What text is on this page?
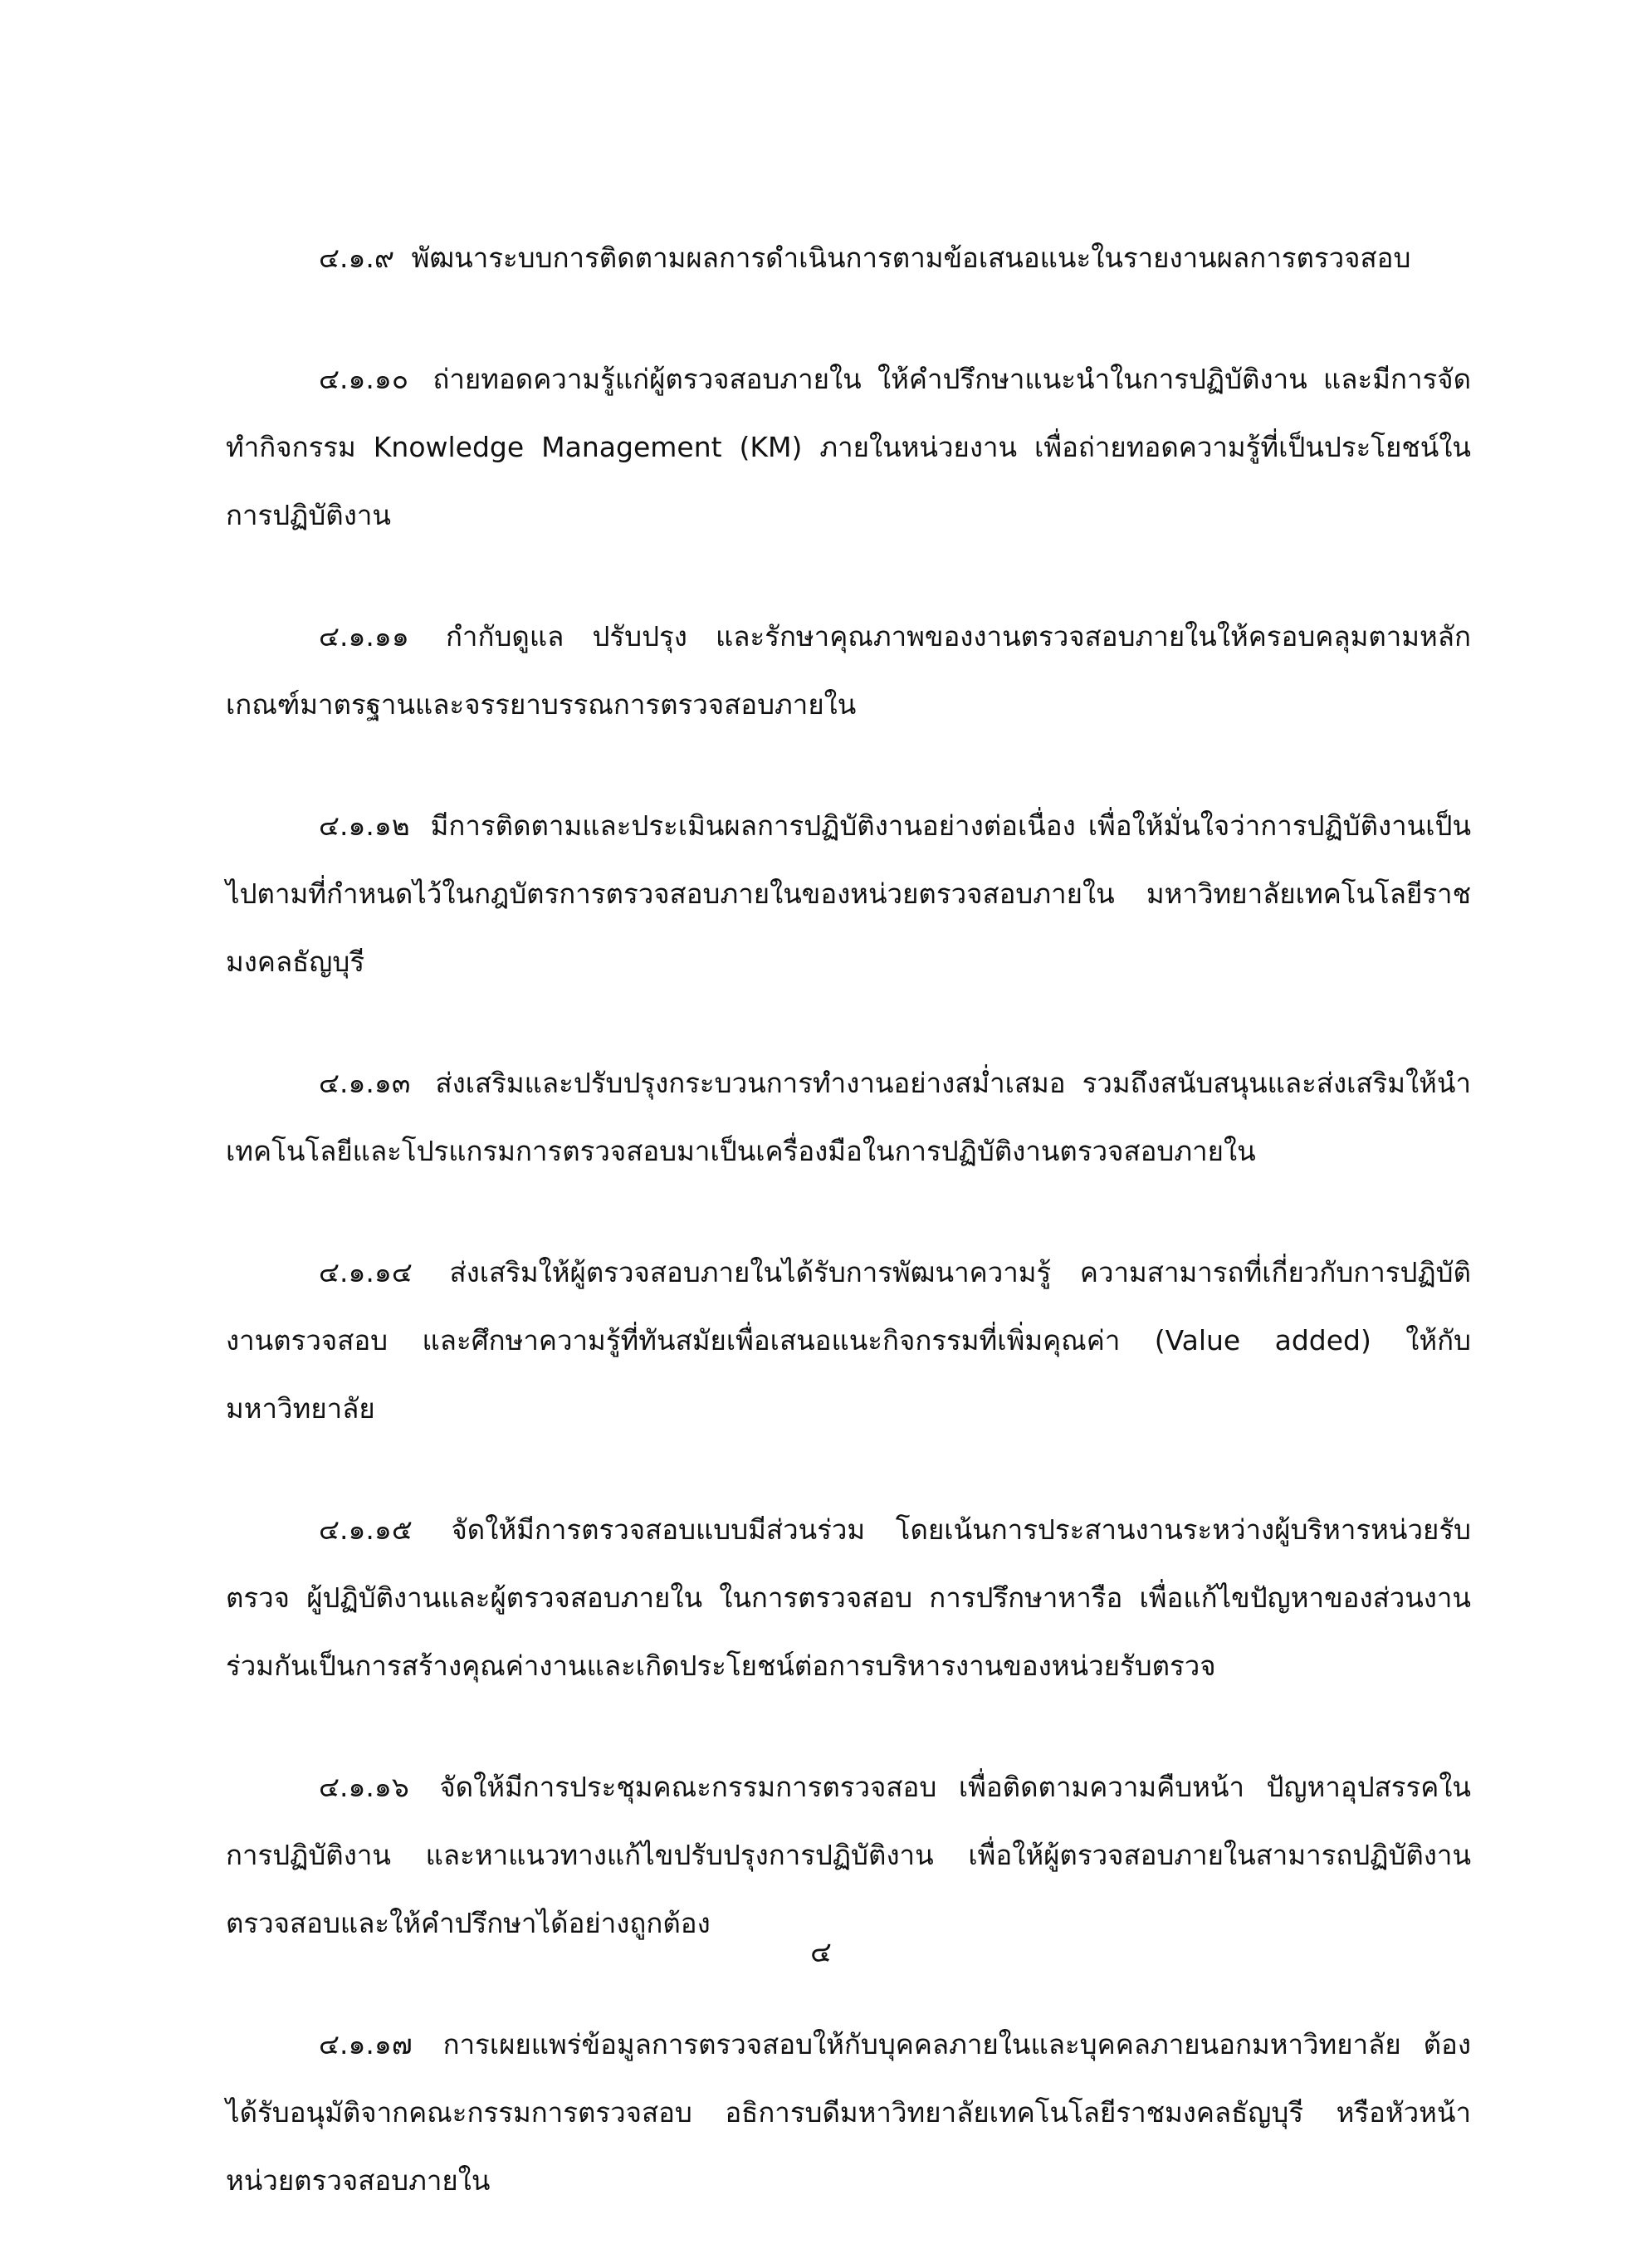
๔.๑.๙ พัฒนาระบบการติดตามผลการดำเนินการตามข้อเสนอแนะในรายงานผลการตรวจสอบ

๔.๑.๑๐ ถ่ายทอดความรู้แก่ผู้ตรวจสอบภายใน ให้คำปรึกษาแนะนำในการปฏิบัติงาน และมีการจัดทำกิจกรรม Knowledge Management (KM) ภายในหน่วยงาน เพื่อถ่ายทอดความรู้ที่เป็นประโยชน์ในการปฏิบัติงาน

๔.๑.๑๑ กำกับดูแล ปรับปรุง และรักษาคุณภาพของงานตรวจสอบภายในให้ครอบคลุมตามหลักเกณฑ์มาตรฐานและจรรยาบรรณการตรวจสอบภายใน

๔.๑.๑๒ มีการติดตามและประเมินผลการปฏิบัติงานอย่างต่อเนื่อง เพื่อให้มั่นใจว่าการปฏิบัติงานเป็นไปตามที่กำหนดไว้ในกฎบัตรการตรวจสอบภายในของหน่วยตรวจสอบภายใน มหาวิทยาลัยเทคโนโลยีราชมงคลธัญบุรี

๔.๑.๑๓ ส่งเสริมและปรับปรุงกระบวนการทำงานอย่างสม่ำเสมอ รวมถึงสนับสนุนและส่งเสริมให้นำเทคโนโลยีและโปรแกรมการตรวจสอบมาเป็นเครื่องมือในการปฏิบัติงานตรวจสอบภายใน

๔.๑.๑๔ ส่งเสริมให้ผู้ตรวจสอบภายในได้รับการพัฒนาความรู้ ความสามารถที่เกี่ยวกับการปฏิบัติงานตรวจสอบ และศึกษาความรู้ที่ทันสมัยเพื่อเสนอแนะกิจกรรมที่เพิ่มคุณค่า (Value added) ให้กับมหาวิทยาลัย

๔.๑.๑๕ จัดให้มีการตรวจสอบแบบมีส่วนร่วม โดยเน้นการประสานงานระหว่างผู้บริหารหน่วยรับตรวจ ผู้ปฏิบัติงานและผู้ตรวจสอบภายใน ในการตรวจสอบ การปรึกษาหารือ เพื่อแก้ไขปัญหาของส่วนงานร่วมกันเป็นการสร้างคุณค่างานและเกิดประโยชน์ต่อการบริหารงานของหน่วยรับตรวจ

๔.๑.๑๖ จัดให้มีการประชุมคณะกรรมการตรวจสอบ เพื่อติดตามความคืบหน้า ปัญหาอุปสรรคในการปฏิบัติงาน และหาแนวทางแก้ไขปรับปรุงการปฏิบัติงาน เพื่อให้ผู้ตรวจสอบภายในสามารถปฏิบัติงานตรวจสอบและให้คำปรึกษาได้อย่างถูกต้อง

๔.๑.๑๗ การเผยแพร่ข้อมูลการตรวจสอบให้กับบุคคลภายในและบุคคลภายนอกมหาวิทยาลัย ต้องได้รับอนุมัติจากคณะกรรมการตรวจสอบ อธิการบดีมหาวิทยาลัยเทคโนโลยีราชมงคลธัญบุรี หรือหัวหน้าหน่วยตรวจสอบภายใน

๔
